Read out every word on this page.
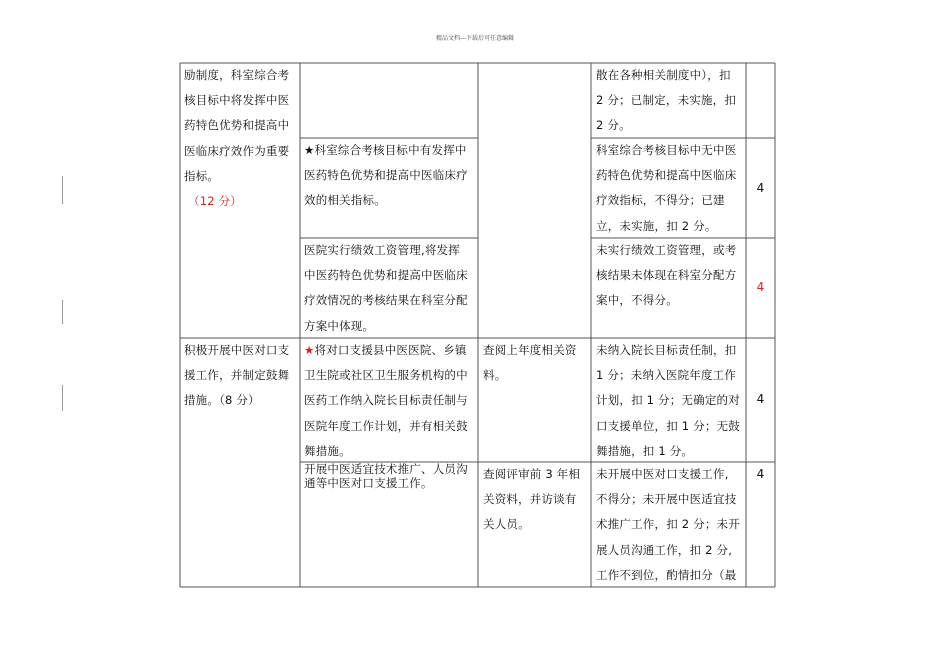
精品文档---下载后可任意编辑
励制度，科室综合考
核目标中将发挥中医
药特色优势和提高中
医临床疗效作为重要
指标。
（12 分）
散在各种相关制度中），扣
2 分；已制定，未实施，扣
2 分。
★科室综合考核目标中有发挥中
医药特色优势和提高中医临床疗
效的相关指标。
科室综合考核目标中无中医
药特色优势和提高中医临床
疗效指标，不得分；已建
立，未实施，扣 2 分。
4
医院实行绩效工资管理,将发挥
中医药特色优势和提高中医临床
疗效情况的考核结果在科室分配
方案中体现。
未实行绩效工资管理，或考
核结果未体现在科室分配方
案中，不得分。
4
积极开展中医对口支
援工作，并制定鼓舞
措施。（8 分）
★将对口支援县中医医院、乡镇
卫生院或社区卫生服务机构的中
医药工作纳入院长目标责任制与
医院年度工作计划，并有相关鼓
舞措施。
查阅上年度相关资
料。
未纳入院长目标责任制，扣
1 分；未纳入医院年度工作
计划，扣 1 分；无确定的对
口支援单位，扣 1 分；无鼓
舞措施，扣 1 分。
4
开展中医适宜技术推广、人员沟
通等中医对口支援工作。
查阅评审前 3 年相
关资料，并访谈有
关人员。
未开展中医对口支援工作,
不得分；未开展中医适宜技
术推广工作，扣 2 分；未开
展人员沟通工作，扣 2 分,
工作不到位，酌情扣分（最
4
